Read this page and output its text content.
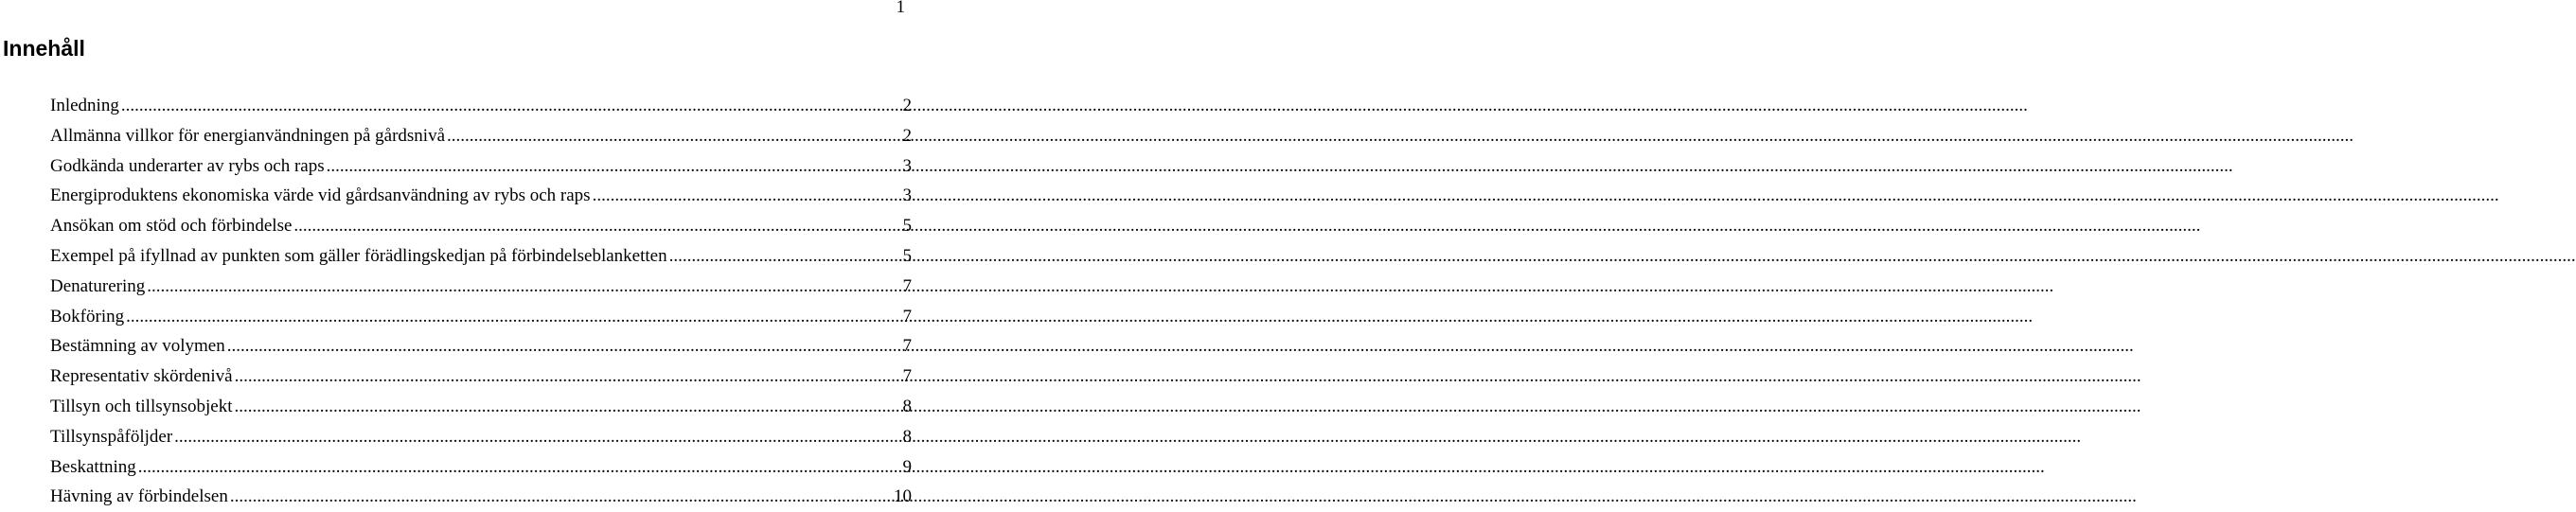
1
Innehåll
Inledning .....	2
Allmänna villkor för energianvändningen på gårdsnivå .....	2
Godkända underarter av rybs och raps .....	3
Energiproduktens ekonomiska värde vid gårdsanvändning av rybs och raps .....	3
Ansökan om stöd och förbindelse .....	5
Exempel på ifyllnad av punkten som gäller förädlingskedjan på förbindelseblanketten .....	5
Denaturering .....	7
Bokföring .....	7
Bestämning av volymen .....	7
Representativ skördenivå .....	7
Tillsyn och tillsynsobjekt .....	8
Tillsynspåföljder .....	8
Beskattning .....	9
Hävning av förbindelsen .....	10
